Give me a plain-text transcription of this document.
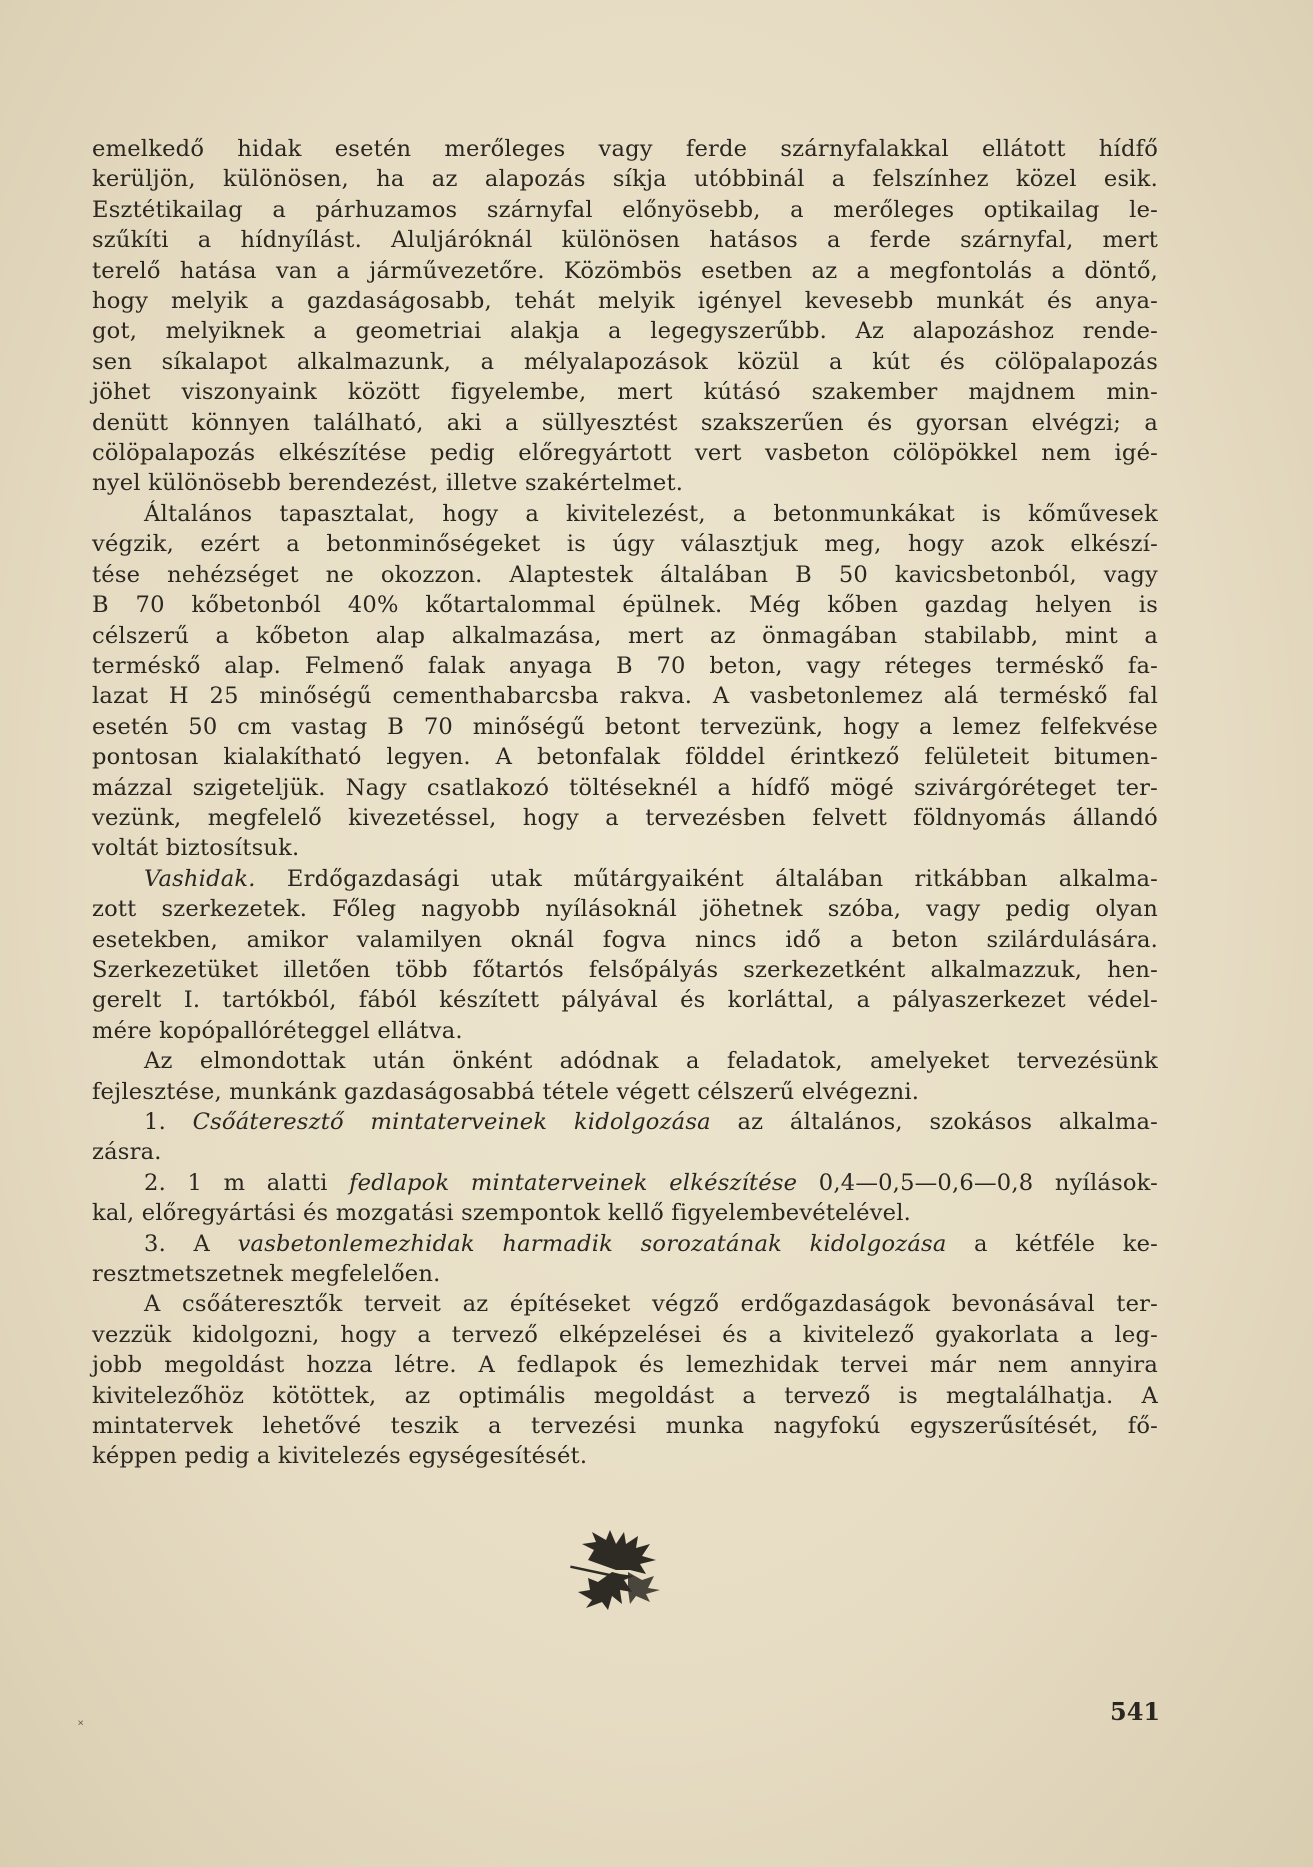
emelkedő hidak esetén merőleges vagy ferde szárnyfalakkal ellátott hídfő
kerüljön, különösen, ha az alapozás síkja utóbbinál a felszínhez közel esik.
Esztétikailag a párhuzamos szárnyfal előnyösebb, a merőleges optikailag le-
szűkíti a hídnyílást. Aluljáróknál különösen hatásos a ferde szárnyfal, mert
terelő hatása van a járművezetőre. Közömbös esetben az a megfontolás a döntő,
hogy melyik a gazdaságosabb, tehát melyik igényel kevesebb munkát és anya-
got, melyiknek a geometriai alakja a legegyszerűbb. Az alapozáshoz rende-
sen síkalapot alkalmazunk, a mélyalapozások közül a kút és cölöpalapozás
jöhet viszonyaink között figyelembe, mert kútásó szakember majdnem min-
denütt könnyen található, aki a süllyesztést szakszerűen és gyorsan elvégzi; a
cölöpalapozás elkészítése pedig előregyártott vert vasbeton cölöpökkel nem igé-
nyel különösebb berendezést, illetve szakértelmet.

Általános tapasztalat, hogy a kivitelezést, a betonmunkákat is kőművesek
végzik, ezért a betonminőségeket is úgy választjuk meg, hogy azok elkészí-
tése nehézséget ne okozzon. Alaptestek általában B 50 kavicsbetonból, vagy
B 70 kőbetonból 40% kőtartalommal épülnek. Még kőben gazdag helyen is
célszerű a kőbeton alap alkalmazása, mert az önmagában stabilabb, mint a
terméskő alap. Felmenő falak anyaga B 70 beton, vagy réteges terméskő fa-
lazat H 25 minőségű cementhabarcsba rakva. A vasbetonlemez alá terméskő fal
esetén 50 cm vastag B 70 minőségű betont tervezünk, hogy a lemez felfekvése
pontosan kialakítható legyen. A betonfalak földdel érintkező felületeit bitumen-
mázzal szigeteljük. Nagy csatlakozó töltéseknél a hídfő mögé szivárgóréteget ter-
vezünk, megfelelő kivezetéssel, hogy a tervezésben felvett földnyomás állandó
voltát biztosítsuk.

Vashidak. Erdőgazdasági utak műtárgyaiként általában ritkábban alkalma-
zott szerkezetek. Főleg nagyobb nyílásoknál jöhetnek szóba, vagy pedig olyan
esetekben, amikor valamilyen oknál fogva nincs idő a beton szilárdulására.
Szerkezetüket illetően több főtartós felsőpályás szerkezetként alkalmazzuk, hen-
gerelt I. tartókból, fából készített pályával és korláttal, a pályaszerkezet védel-
mére kopópallóréteggel ellátva.

Az elmondottak után önként adódnak a feladatok, amelyeket tervezésünk
fejlesztése, munkánk gazdaságosabbá tétele végett célszerű elvégezni.

1. Csőáteresztő mintaterveinek kidolgozása az általános, szokásos alkalma-
zásra.
2. 1 m alatti fedlapok mintaterveinek elkészítése 0,4—0,5—0,6—0,8 nyílások-
kal, előregyártási és mozgatási szempontok kellő figyelembevételével.
3. A vasbetonlemezhidak harmadik sorozatának kidolgozása a kétféle ke-
resztmetszetnek megfelelően.

A csőáteresztők terveit az építéseket végző erdőgazdaságok bevonásával ter-
vezzük kidolgozni, hogy a tervező elképzelései és a kivitelező gyakorlata a leg-
jobb megoldást hozza létre. A fedlapok és lemezhidak tervei már nem annyira
kivitelezőhöz kötöttek, az optimális megoldást a tervező is megtalálhatja. A
mintatervek lehetővé teszik a tervezési munka nagyfokú egyszerűsítését, fő-
képpen pedig a kivitelezés egységesítését.

541
˟
